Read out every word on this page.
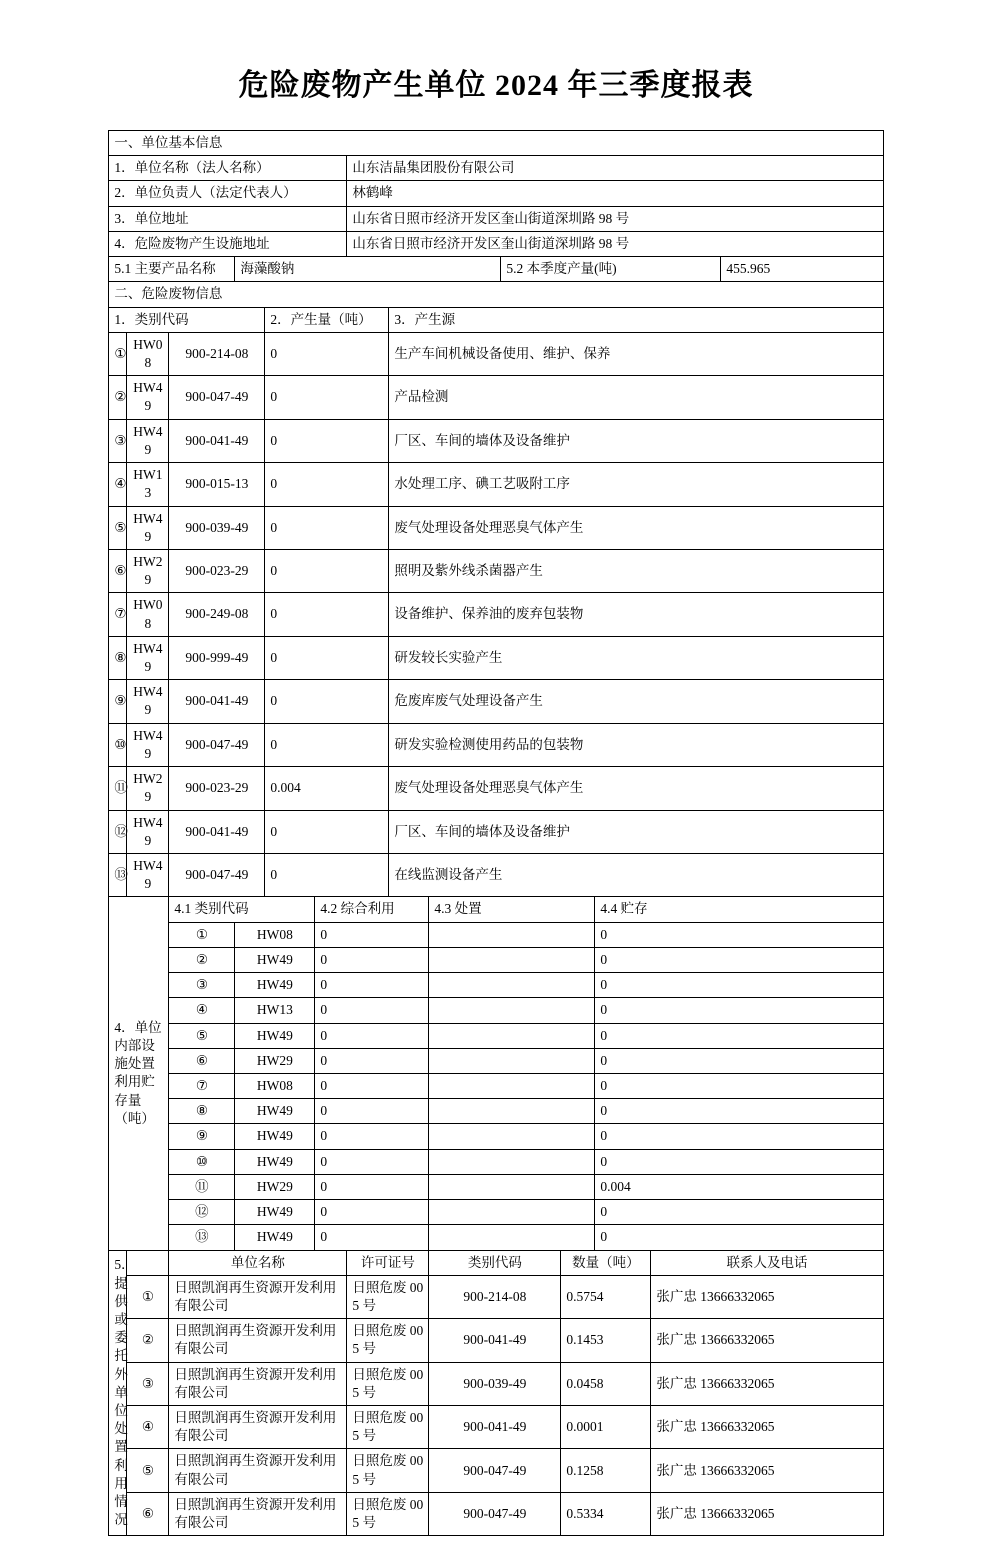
危险废物产生单位 2024 年三季度报表
一、单位基本信息													
1．单位名称（法人名称）						山东洁晶集团股份有限公司							
2．单位负责人（法定代表人）						林鹤峰							
3．单位地址						山东省日照市经济开发区奎山街道深圳路 98 号							
4．危险废物产生设施地址						山东省日照市经济开发区奎山街道深圳路 98 号							
5.1 主要产品名称			海藻酸钠						5.2 本季度产量(吨)				455.965
二、危险废物信息													
1．类别代码				2．产生量（吨）			3．产生源						
①	HW08	900-214-08		0			生产车间机械设备使用、维护、保养						
②	HW49	900-047-49		0			产品检测						
③	HW49	900-041-49		0			厂区、车间的墙体及设备维护						
④	HW13	900-015-13		0			水处理工序、碘工艺吸附工序						
⑤	HW49	900-039-49		0			废气处理设备处理恶臭气体产生						
⑥	HW29	900-023-29		0			照明及紫外线杀菌器产生						
⑦	HW08	900-249-08		0			设备维护、保养油的废弃包装物						
⑧	HW49	900-999-49		0			研发较长实验产生						
⑨	HW49	900-041-49		0			危废库废气处理设备产生						
⑩	HW49	900-047-49		0			研发实验检测使用药品的包装物						
⑪	HW29	900-023-29		0.004			废气处理设备处理恶臭气体产生						
⑫	HW49	900-041-49		0			厂区、车间的墙体及设备维护						
⑬	HW49	900-047-49		0			在线监测设备产生						
4．单位内部设施处置利用贮存量（吨）		4.1 类别代码			4.2 综合利用			4.3 处置			4.4 贮存		
		①	HW08		0						0		
		②	HW49		0						0		
		③	HW49		0						0		
		④	HW13		0						0		
		⑤	HW49		0						0		
		⑥	HW29		0						0		
		⑦	HW08		0						0		
		⑧	HW49		0						0		
		⑨	HW49		0						0		
		⑩	HW49		0						0		
		⑪	HW29		0						0.004		
		⑫	HW49		0						0		
		⑬	HW49		0						0		
5．提供或委托外单位处置利用情况		单位名称				许可证号		类别代码		数量（吨）		联系人及电话	
	①	日照凯润再生资源开发利用有限公司				日照危废 005 号		900-214-08		0.5754		张广忠 13666332065	
	②	日照凯润再生资源开发利用有限公司				日照危废 005 号		900-041-49		0.1453		张广忠 13666332065	
	③	日照凯润再生资源开发利用有限公司				日照危废 005 号		900-039-49		0.0458		张广忠 13666332065	
	④	日照凯润再生资源开发利用有限公司				日照危废 005 号		900-041-49		0.0001		张广忠 13666332065	
	⑤	日照凯润再生资源开发利用有限公司				日照危废 005 号		900-047-49		0.1258		张广忠 13666332065	
	⑥	日照凯润再生资源开发利用有限公司				日照危废 005 号		900-047-49		0.5334		张广忠 13666332065	
